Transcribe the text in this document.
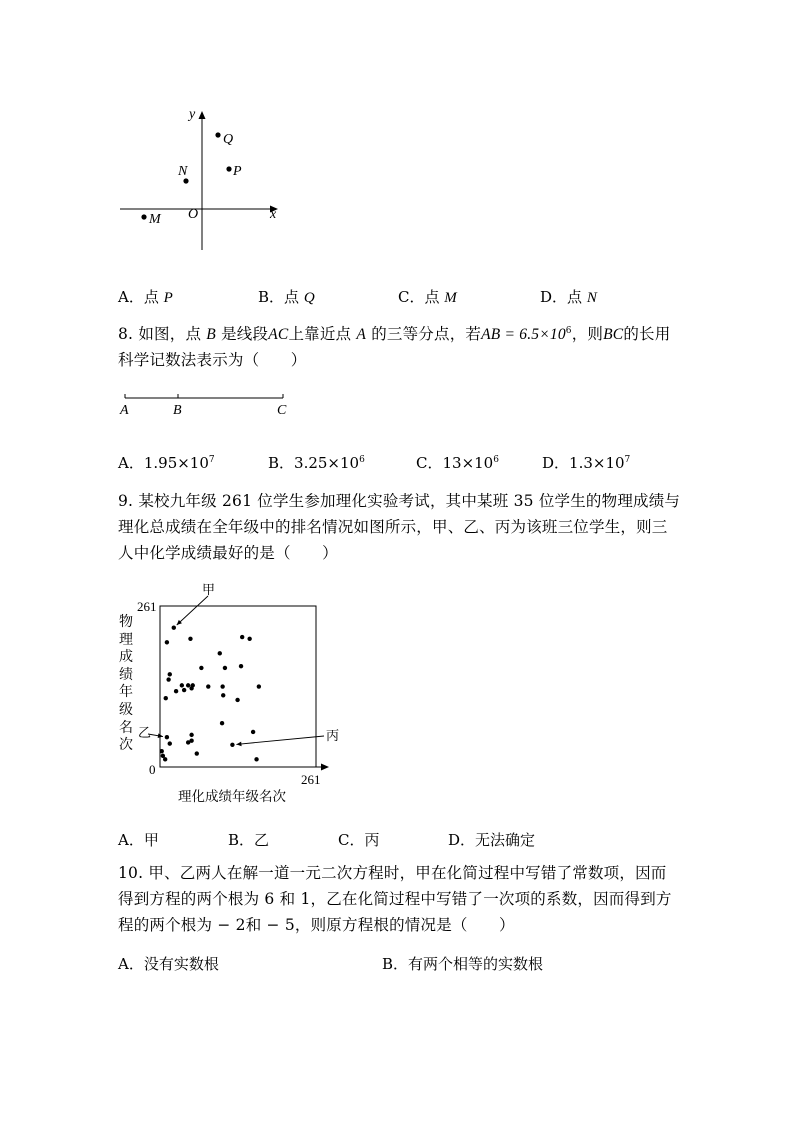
y
x
O
Q
N	P
M
A．点 P	B．点 Q	C．点 M	D．点 N
8. 如图，点 B 是线段AC上靠近点 A 的三等分点，若AB = $6.5\times 10^6$，则BC的长用
科学记数法表示为（　　）
A	B	C
A．$1.95\times 10^7$	B．$3.25\times 10^6$	C．$13\times 10^6$	D．$1.3\times 10^7$
9. 某校九年级 261 位学生参加理化实验考试，其中某班 35 位学生的物理成绩与
理化总成绩在全年级中的排名情况如图所示，甲、乙、丙为该班三位学生，则三
人中化学成绩最好的是（　　）
物
理
成
绩
年
级
名
次
0
261
261
理化成绩年级名次
甲
乙	丙
A．甲	B．乙	C．丙	D．无法确定
10. 甲、乙两人在解一道一元二次方程时，甲在化简过程中写错了常数项，因而
得到方程的两个根为 6 和 1，乙在化简过程中写错了一次项的系数，因而得到方
程的两个根为 − 2和 − 5，则原方程根的情况是（　　）
A．没有实数根	B．有两个相等的实数根
